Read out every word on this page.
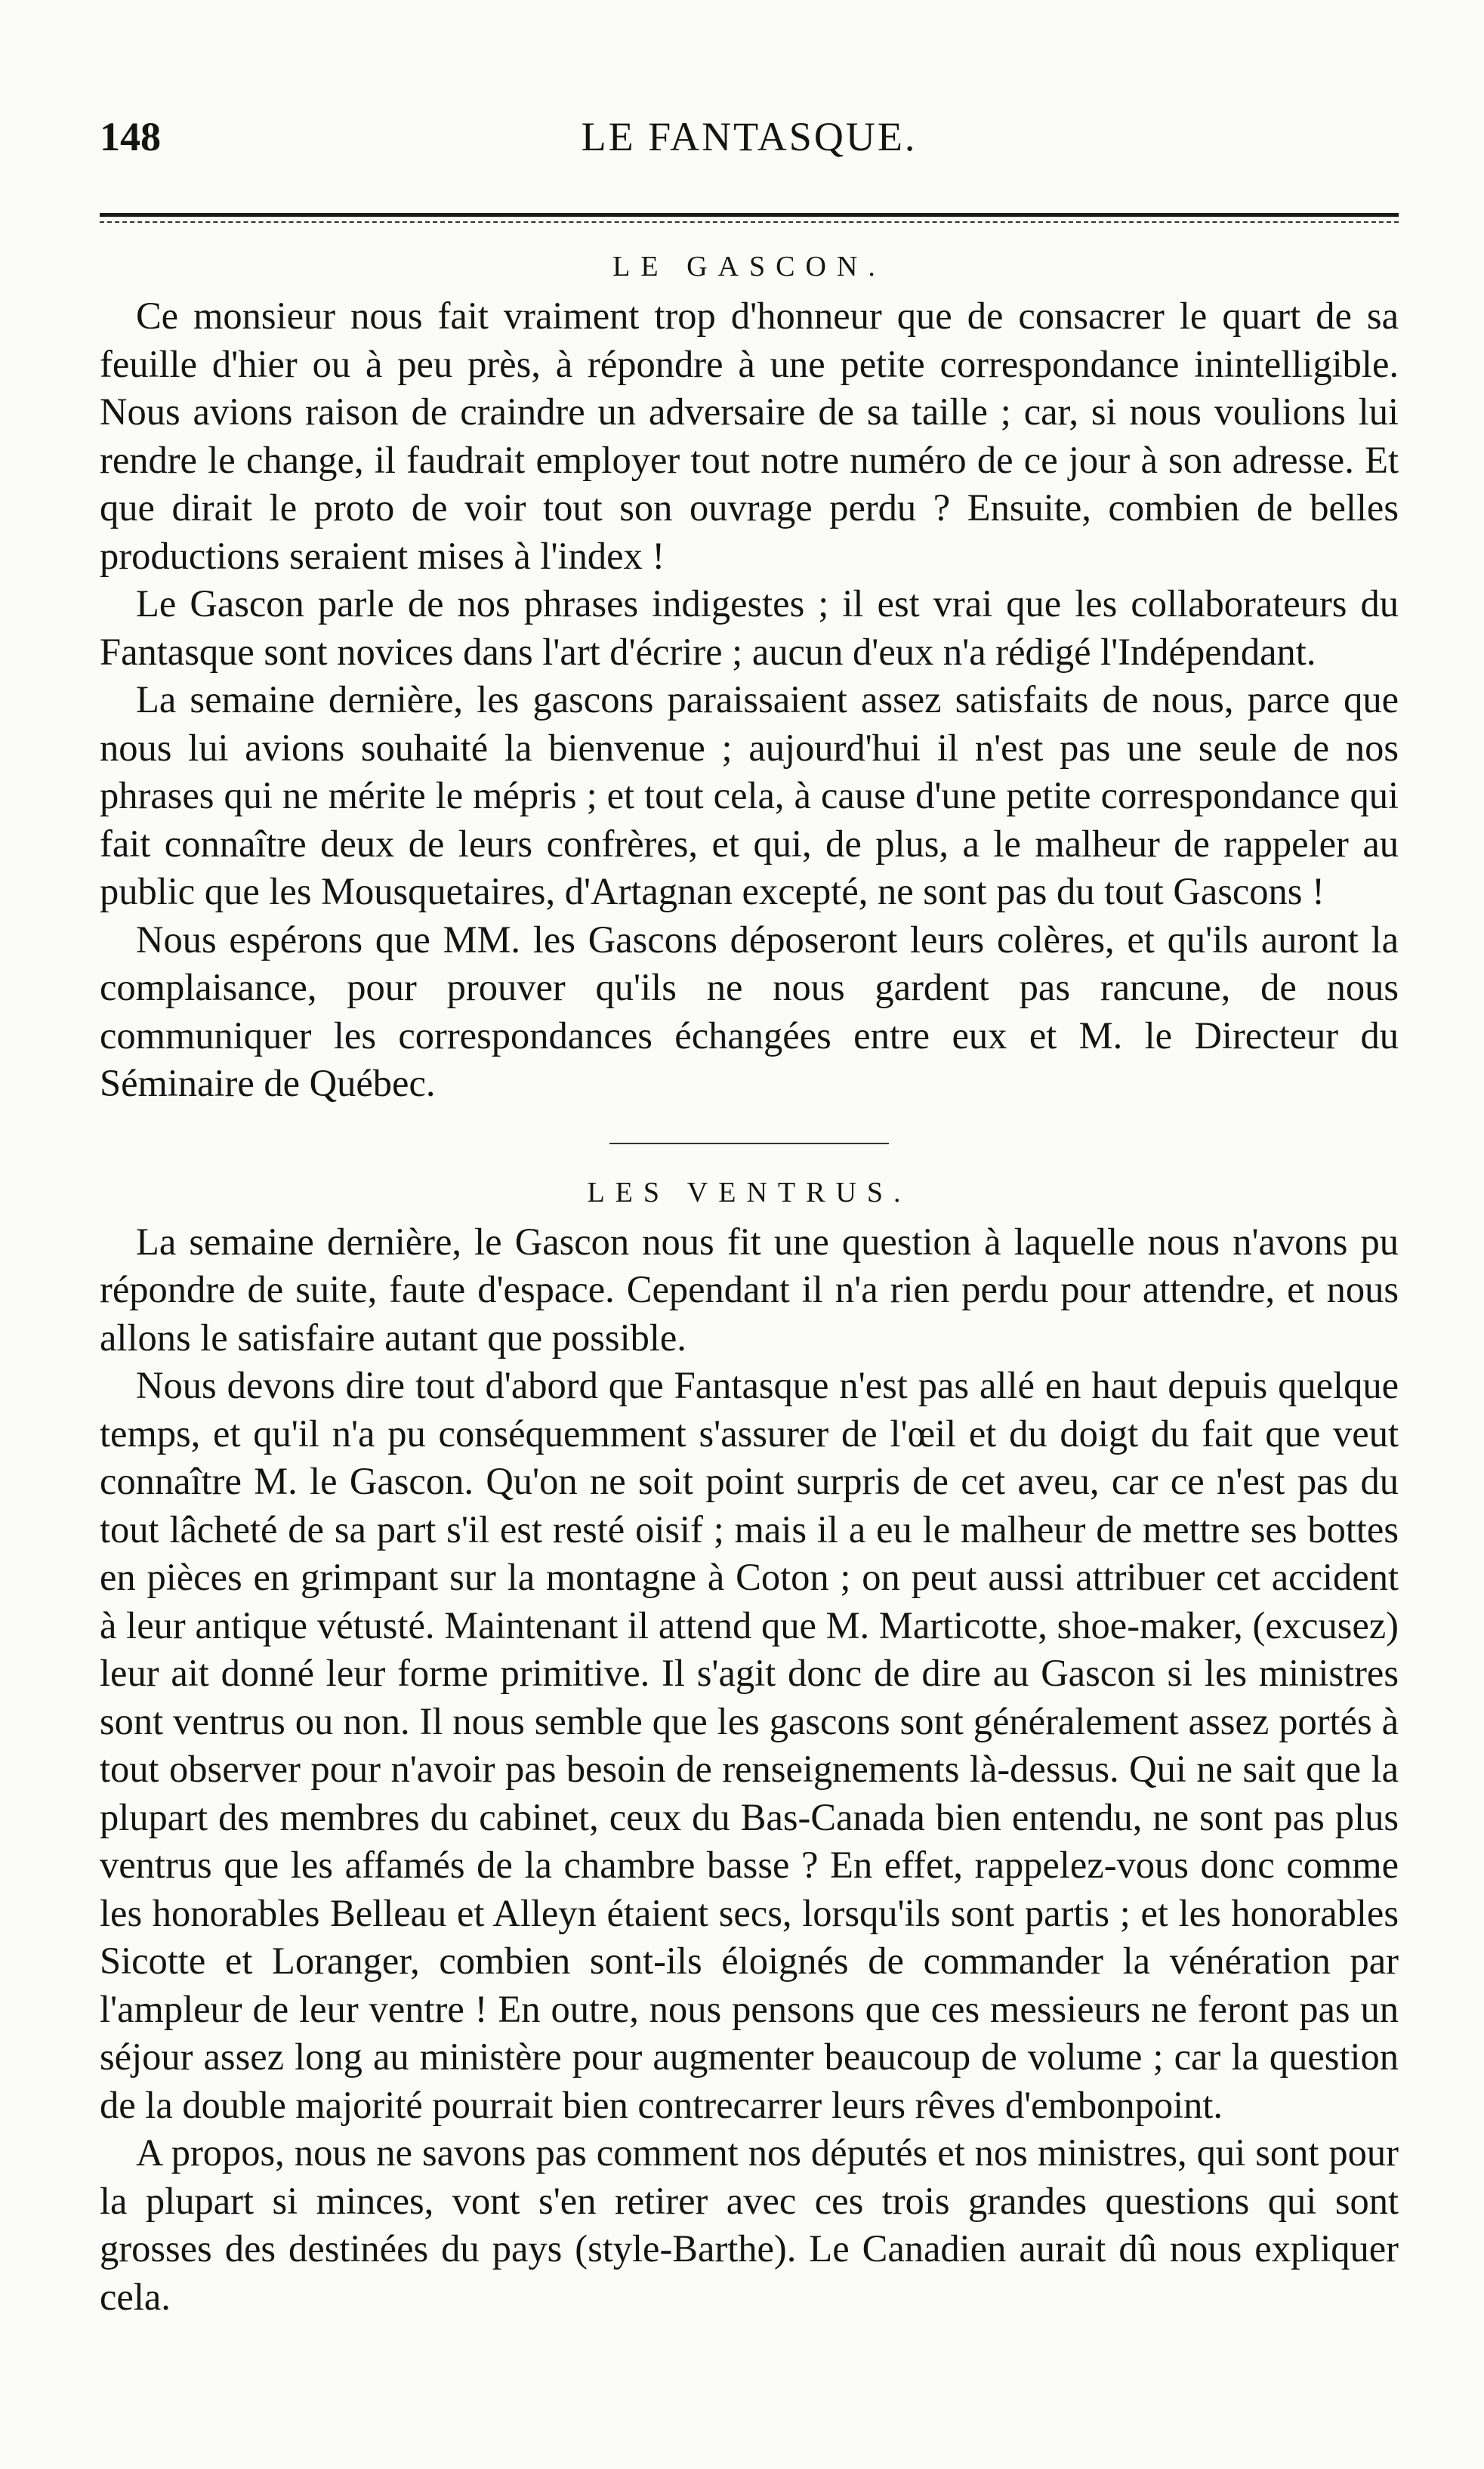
148	LE FANTASQUE.
LE GASCON.

Ce monsieur nous fait vraiment trop d'honneur que de consacrer le quart de sa feuille d'hier ou à peu près, à répondre à une petite correspondance inintelligible. Nous avions raison de craindre un adversaire de sa taille ; car, si nous voulions lui rendre le change, il faudrait employer tout notre numéro de ce jour à son adresse. Et que dirait le proto de voir tout son ouvrage perdu ? Ensuite, combien de belles productions seraient mises à l'index !

Le Gascon parle de nos phrases indigestes ; il est vrai que les collaborateurs du Fantasque sont novices dans l'art d'écrire ; aucun d'eux n'a rédigé l'Indépendant.

La semaine dernière, les gascons paraissaient assez satisfaits de nous, parce que nous lui avions souhaité la bienvenue ; aujourd'hui il n'est pas une seule de nos phrases qui ne mérite le mépris ; et tout cela, à cause d'une petite correspondance qui fait connaître deux de leurs confrères, et qui, de plus, a le malheur de rappeler au public que les Mousquetaires, d'Artagnan excepté, ne sont pas du tout Gascons !

Nous espérons que MM. les Gascons déposeront leurs colères, et qu'ils auront la complaisance, pour prouver qu'ils ne nous gardent pas rancune, de nous communiquer les correspondances échangées entre eux et M. le Directeur du Séminaire de Québec.

LES VENTRUS.

La semaine dernière, le Gascon nous fit une question à laquelle nous n'avons pu répondre de suite, faute d'espace. Cependant il n'a rien perdu pour attendre, et nous allons le satisfaire autant que possible.

Nous devons dire tout d'abord que Fantasque n'est pas allé en haut depuis quelque temps, et qu'il n'a pu conséquemment s'assurer de l'œil et du doigt du fait que veut connaître M. le Gascon. Qu'on ne soit point surpris de cet aveu, car ce n'est pas du tout lâcheté de sa part s'il est resté oisif ; mais il a eu le malheur de mettre ses bottes en pièces en grimpant sur la montagne à Coton ; on peut aussi attribuer cet accident à leur antique vétusté. Maintenant il attend que M. Marticotte, shoe-maker, (excusez) leur ait donné leur forme primitive. Il s'agit donc de dire au Gascon si les ministres sont ventrus ou non. Il nous semble que les gascons sont généralement assez portés à tout observer pour n'avoir pas besoin de renseignements là-dessus. Qui ne sait que la plupart des membres du cabinet, ceux du Bas-Canada bien entendu, ne sont pas plus ventrus que les affamés de la chambre basse ? En effet, rappelez-vous donc comme les honorables Belleau et Alleyn étaient secs, lorsqu'ils sont partis ; et les honorables Sicotte et Loranger, combien sont-ils éloignés de commander la vénération par l'ampleur de leur ventre ! En outre, nous pensons que ces messieurs ne feront pas un séjour assez long au ministère pour augmenter beaucoup de volume ; car la question de la double majorité pourrait bien contrecarrer leurs rêves d'embonpoint.

A propos, nous ne savons pas comment nos députés et nos ministres, qui sont pour la plupart si minces, vont s'en retirer avec ces trois grandes questions qui sont grosses des destinées du pays (style-Barthe). Le Canadien aurait dû nous expliquer cela.
